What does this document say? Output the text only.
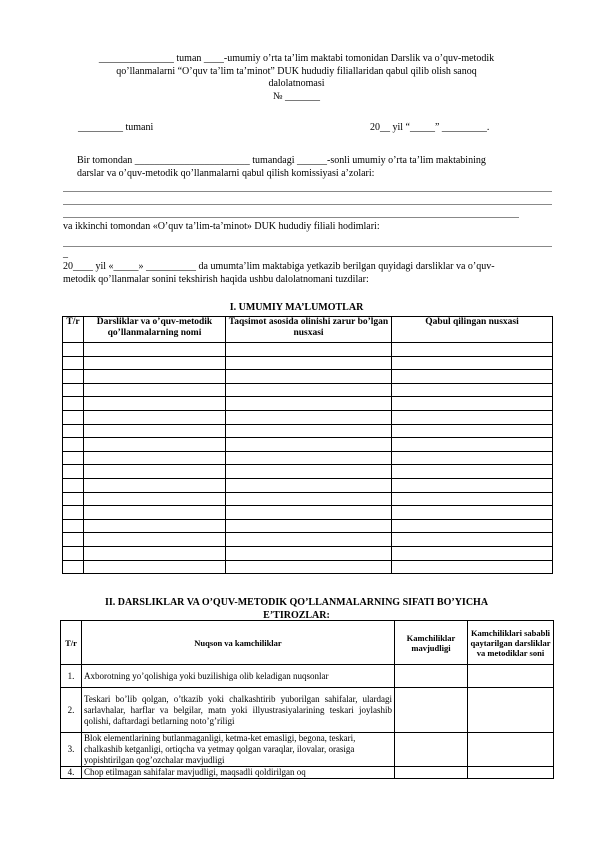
_______________ tuman ____-umumiy o’rta ta’lim maktabi tomonidan Darslik va o’quv-metodik
qo’llanmalarni “O’quv ta’lim ta’minot” DUK hududiy filiallaridan qabul qilib olish sanoq
dalolatnomasi
№ _______
_________ tumani	20__ yil “_____” _________.
Bir tomondan _______________________ tumandagi ______-sonli umumiy o’rta ta’lim maktabining
darslar va o’quv-metodik qo’llanmalarni qabul qilish komissiyasi a’zolari:
va ikkinchi tomondan «O’quv ta’lim-ta’minot» DUK hududiy filiali hodimlari:
_
20____ yil «_____» __________ da umumta’lim maktabiga yetkazib berilgan quyidagi darsliklar va o’quv-
metodik qo’llanmalar sonini tekshirish haqida ushbu dalolatnomani tuzdilar:
I. UMUMIY MA’LUMOTLAR
T/r	Darsliklar va o’quv-metodik qo’llanmalarning nomi	Taqsimot asosida olinishi zarur bo’lgan nusxasi	Qabul qilingan nusxasi

II. DARSLIKLAR VA O’QUV-METODIK QO’LLANMALARNING SIFATI BO’YICHA
E’TIROZLAR:
T/r	Nuqson va kamchiliklar	Kamchiliklar mavjudligi	Kamchiliklari sababli qaytarilgan darsliklar va metodiklar soni
1.	Axborotning yo’qolishiga yoki buzilishiga olib keladigan nuqsonlar		
2.	Teskari bo’lib qolgan, o’tkazib yoki chalkashtirib yuborilgan sahifalar, ulardagi sarlavhalar, harflar va belgilar, matn yoki illyustrasiyalarining teskari joylashib qolishi, daftardagi betlarning noto’g’riligi		
3.	Blok elementlarining butlanmaganligi, ketma-ket emasligi, begona, teskari, chalkashib ketganligi, ortiqcha va yetmay qolgan varaqlar, ilovalar, orasiga yopishtirilgan qog’ozchalar mavjudligi		
4.	Chop etilmagan sahifalar mavjudligi, maqsadli qoldirilgan oq		
